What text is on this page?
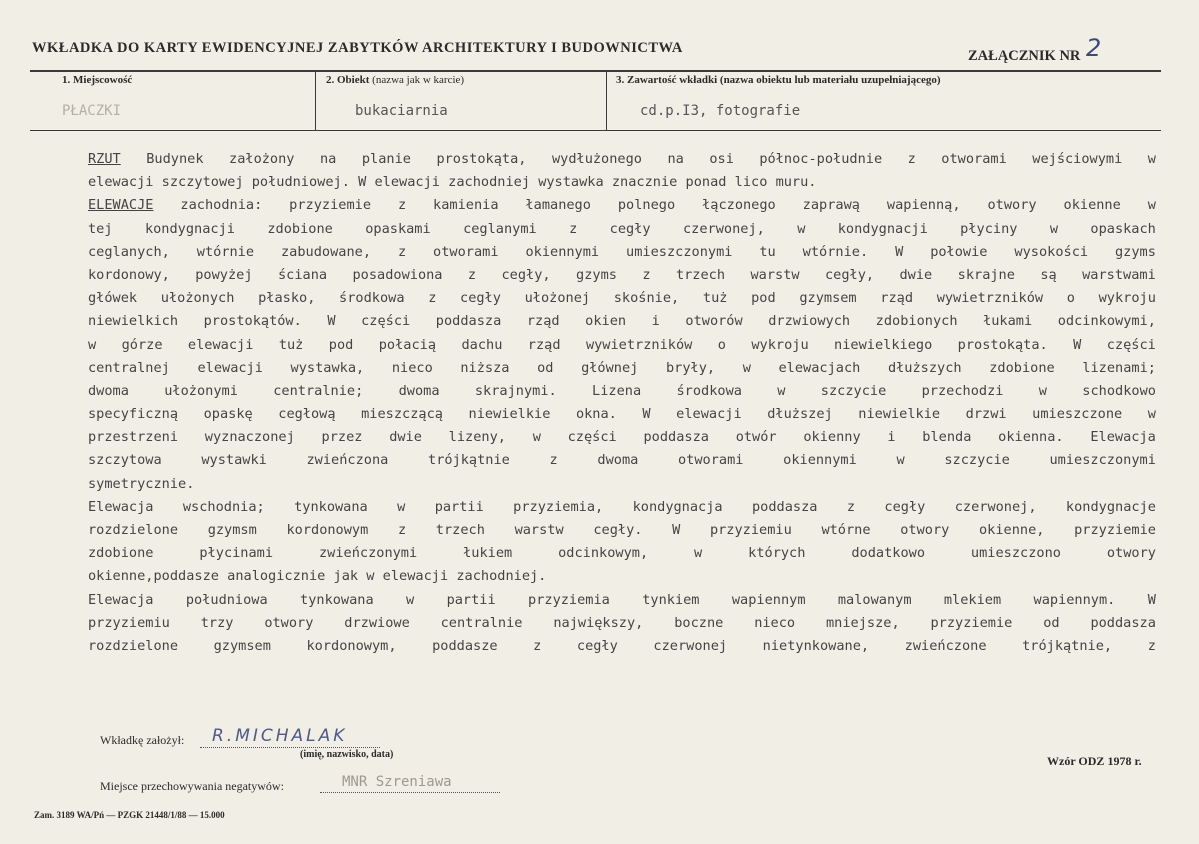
WKŁADKA DO KARTY EWIDENCYJNEJ ZABYTKÓW ARCHITEKTURY I BUDOWNICTWA	ZAŁĄCZNIK NR 2
1. Miejscowość	2. Obiekt (nazwa jak w karcie)	3. Zawartość wkładki (nazwa obiektu lub materiału uzupełniającego)
PŁACZKI	bukaciarnia	cd.p.I3, fotografie
RZUT Budynek założony na planie prostokąta, wydłużonego na osi północ-południe z otworami wejściowymi w
elewacji szczytowej południowej. W elewacji zachodniej wystawka znacznie ponad lico muru.
ELEWACJE zachodnia: przyziemie z kamienia łamanego polnego łączonego zaprawą wapienną, otwory okienne w
tej kondygnacji zdobione opaskami ceglanymi z cegły czerwonej, w kondygnacji płyciny w opaskach
ceglanych, wtórnie zabudowane, z otworami okiennymi umieszczonymi tu wtórnie. W połowie wysokości gzyms
kordonowy, powyżej ściana posadowiona z cegły, gzyms z trzech warstw cegły, dwie skrajne są warstwami
główek ułożonych płasko, środkowa z cegły ułożonej skośnie, tuż pod gzymsem rząd wywietrzników o wykroju
niewielkich prostokątów. W części poddasza rząd okien i otworów drzwiowych zdobionych łukami odcinkowymi,
w górze elewacji tuż pod połacią dachu rząd wywietrzników o wykroju niewielkiego prostokąta. W części
centralnej elewacji wystawka, nieco niższa od głównej bryły, w elewacjach dłuższych zdobione lizenami;
dwoma	ułożonymi	centralnie;	dwoma	skrajnymi.	Lizena	środkowa	w	szczycie	przechodzi	w	schodkowo
specyficzną opaskę cegłową mieszczącą niewielkie okna. W elewacji dłuższej niewielkie drzwi umieszczone w
przestrzeni wyznaczonej przez dwie lizeny, w części poddasza otwór okienny i blenda okienna. Elewacja
szczytowa	wystawki	zwieńczona	trójkątnie	z	dwoma	otworami	okiennymi	w	szczycie	umieszczonymi
symetrycznie.
Elewacja wschodnia; tynkowana w partii przyziemia, kondygnacja poddasza z cegły czerwonej, kondygnacje
rozdzielone gzymsm kordonowym z trzech warstw cegły. W przyziemiu wtórne otwory okienne, przyziemie
zdobione	płycinami	zwieńczonymi	łukiem	odcinkowym,	w	których	dodatkowo	umieszczono	otwory
okienne,poddasze analogicznie jak w elewacji zachodniej.
Elewacja południowa tynkowana w partii przyziemia tynkiem wapiennym malowanym mlekiem wapiennym. W
przyziemiu trzy otwory drzwiowe centralnie największy, boczne nieco mniejsze, przyziemie od poddasza
rozdzielone	gzymsem	kordonowym,	poddasze	z	cegły	czerwonej	nietynkowane,	zwieńczone	trójkątnie,	z
Wkładkę założył: R.MICHALAK
(imię, nazwisko, data)	Wzór ODZ 1978 r.
Miejsce przechowywania negatywów:	MNR Szreniawa
Zam. 3189 WA/Pń — PZGK 21448/1/88 — 15.000
